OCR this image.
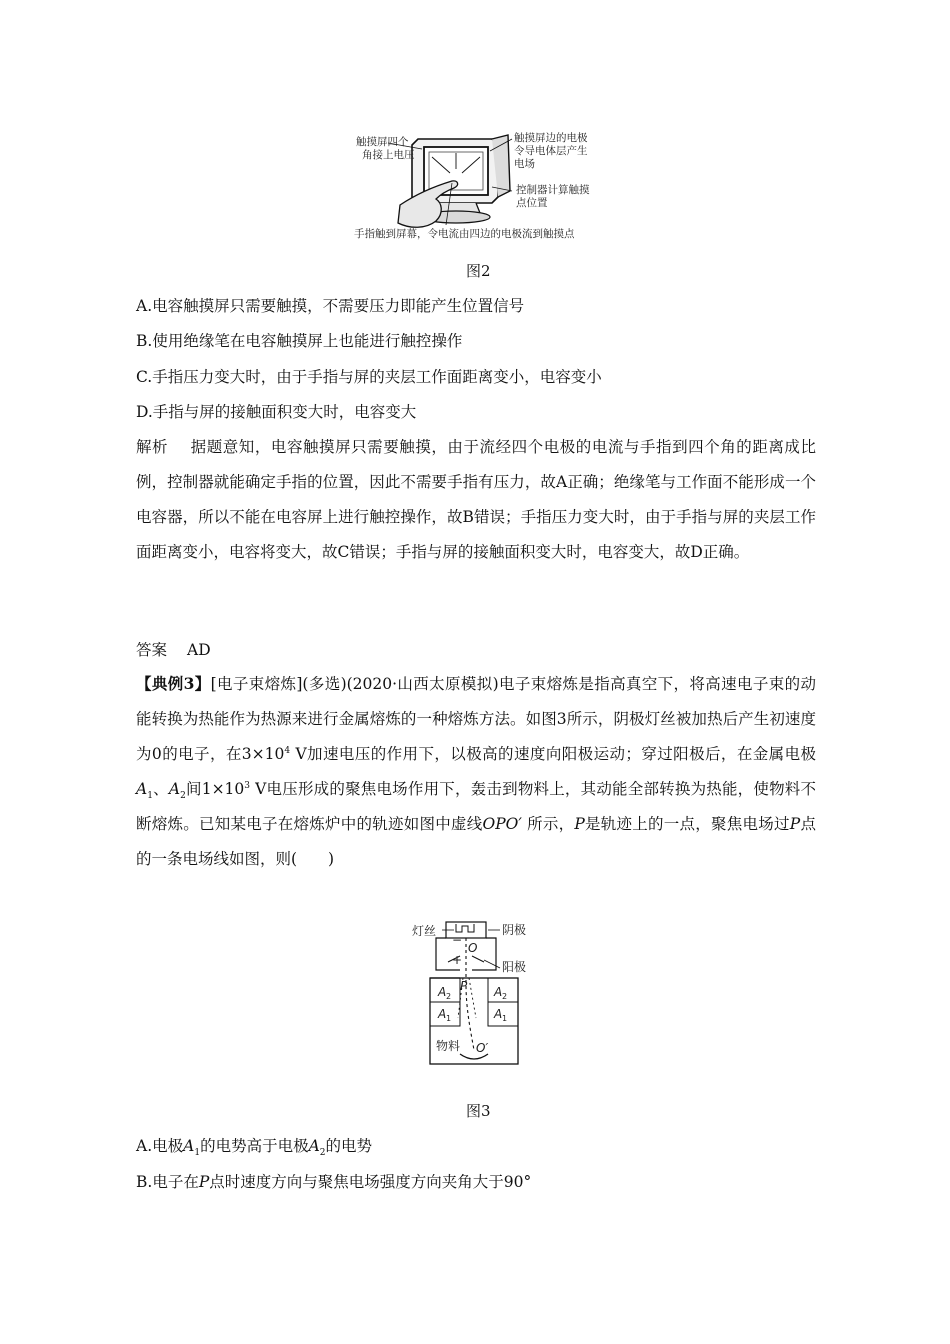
触摸屏四个
角接上电压
触摸屏边的电极
令导电体层产生
电场
控制器计算触摸
点位置
手指触到屏幕，令电流由四边的电极流到触摸点
图2
A.电容触摸屏只需要触摸，不需要压力即能产生位置信号
B.使用绝缘笔在电容触摸屏上也能进行触控操作
C.手指压力变大时，由于手指与屏的夹层工作面距离变小，电容变小
D.手指与屏的接触面积变大时，电容变大
解析 据题意知，电容触摸屏只需要触摸，由于流经四个电极的电流与手指到四个角的距离成比例，控制器就能确定手指的位置，因此不需要手指有压力，故A正确；绝缘笔与工作面不能形成一个电容器，所以不能在电容屏上进行触控操作，故B错误；手指压力变大时，由于手指与屏的夹层工作面距离变小，电容将变大，故C错误；手指与屏的接触面积变大时，电容变大，故D正确。
答案 AD
【典例3】[电子束熔炼](多选)(2020·山西太原模拟)电子束熔炼是指高真空下，将高速电子束的动能转换为热能作为热源来进行金属熔炼的一种熔炼方法。如图3所示，阴极灯丝被加热后产生初速度为0的电子，在$3\times 10^4$ V加速电压的作用下，以极高的速度向阳极运动；穿过阳极后，在金属电极$A_1$、$A_2$间$1\times 10^3$ V电压形成的聚焦电场作用下，轰击到物料上，其动能全部转换为热能，使物料不断熔炼。已知某电子在熔炼炉中的轨迹如图中虚线OPO′ 所示，P是轨迹上的一点，聚焦电场过P点的一条电场线如图，则(　　)
灯丝	阴极
阳极
O
−
+
P
A 2
A 1
A 2
A 1
物料 O′
图3
A.电极$A_1$的电势高于电极$A_2$的电势
B.电子在P点时速度方向与聚焦电场强度方向夹角大于90°
